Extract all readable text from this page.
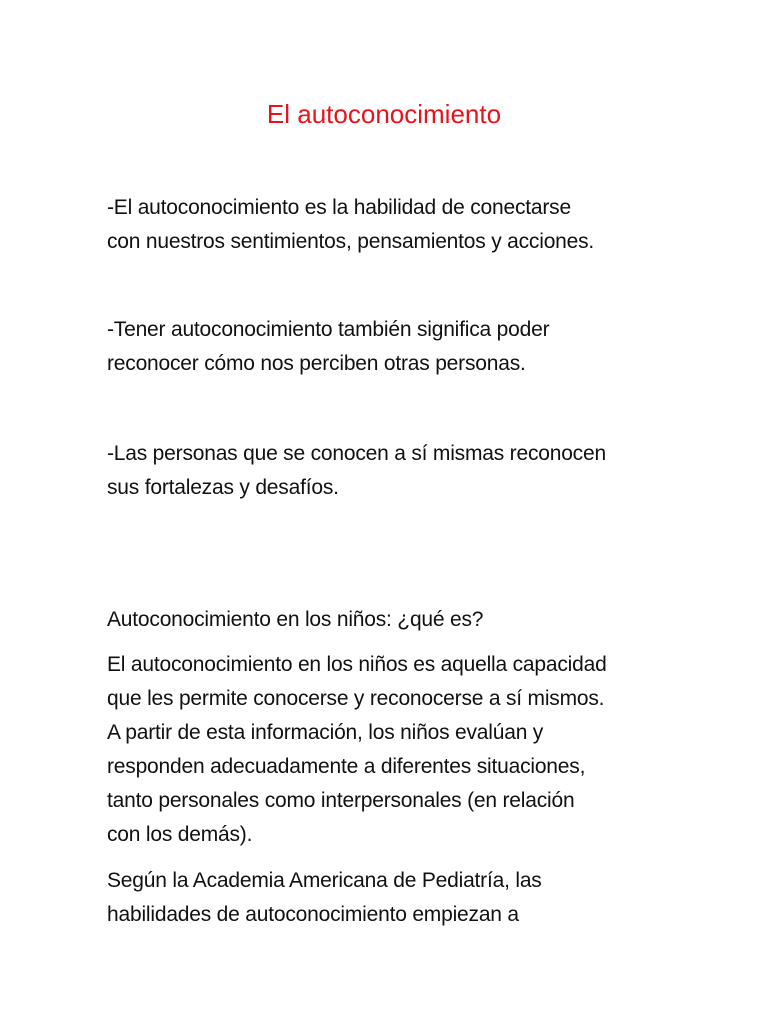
El autoconocimiento

-El autoconocimiento es la habilidad de conectarse
con nuestros sentimientos, pensamientos y acciones.

-Tener autoconocimiento también significa poder
reconocer cómo nos perciben otras personas.

-Las personas que se conocen a sí mismas reconocen
sus fortalezas y desafíos.

Autoconocimiento en los niños: ¿qué es?

El autoconocimiento en los niños es aquella capacidad
que les permite conocerse y reconocerse a sí mismos.
A partir de esta información, los niños evalúan y
responden adecuadamente a diferentes situaciones,
tanto personales como interpersonales (en relación
con los demás).

Según la Academia Americana de Pediatría, las
habilidades de autoconocimiento empiezan a
